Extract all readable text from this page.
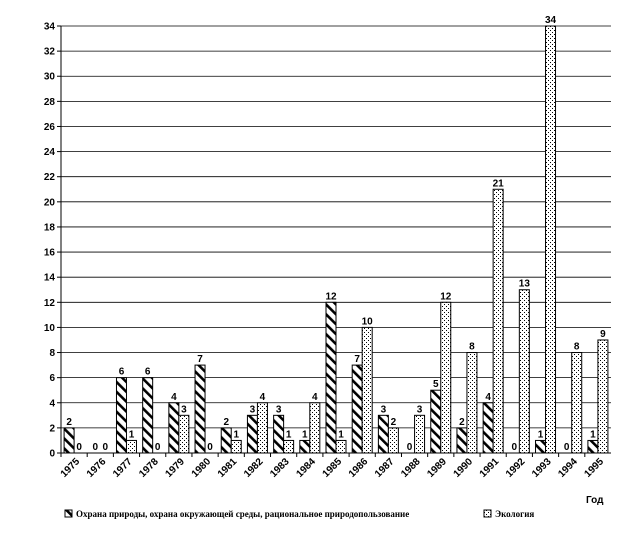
0
2
4
6
8
10
12
14
16
18
20
22
24
26
28
30
32
34
2
0 0 0
6
1
6
0
4
3
7
0
2
1
3
4
3
1 1
4
12
1
7
10
3
2
0
3
5
12
2
8
4
21
0
13
1
34
0
8
1
9
1975 1976 1977 1978 1979 1980 1981 1982 1983 1984 1985 1986 1987 1988 1989 1990 1991 1992 1993 1994 1995
Год
Охрана природы, охрана окружающей среды, рациональное природопользование	Экология
